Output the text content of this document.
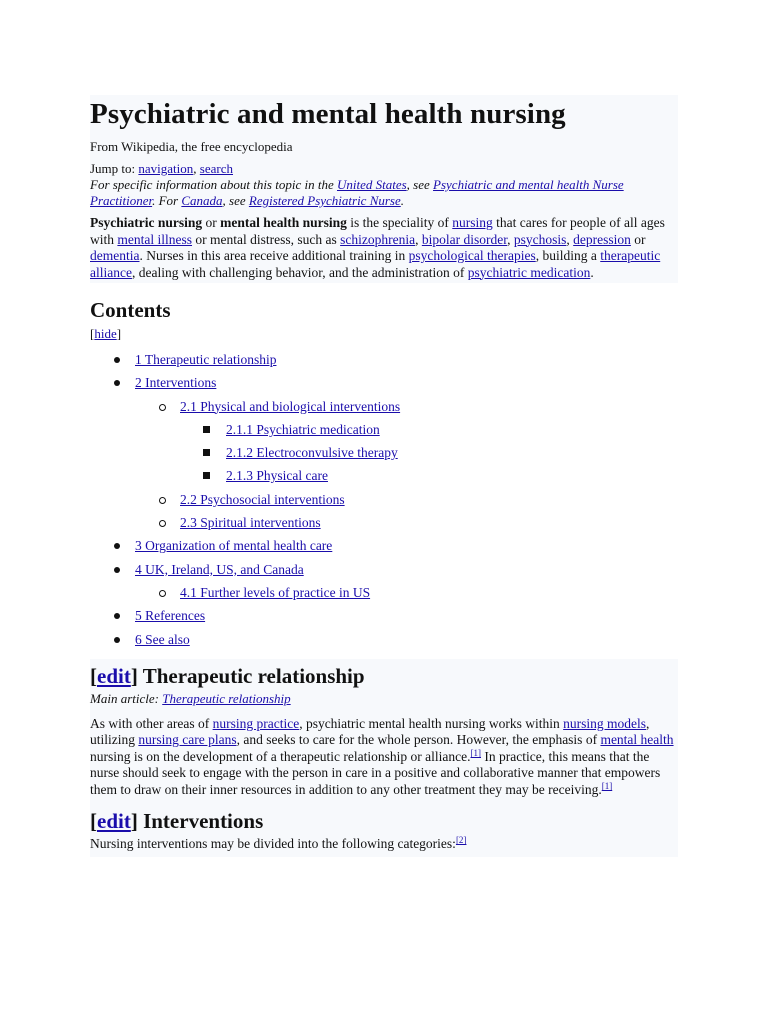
Psychiatric and mental health nursing
From Wikipedia, the free encyclopedia
Jump to: navigation, search
For specific information about this topic in the United States, see Psychiatric and mental health Nurse Practitioner. For Canada, see Registered Psychiatric Nurse.
Psychiatric nursing or mental health nursing is the speciality of nursing that cares for people of all ages with mental illness or mental distress, such as schizophrenia, bipolar disorder, psychosis, depression or dementia. Nurses in this area receive additional training in psychological therapies, building a therapeutic alliance, dealing with challenging behavior, and the administration of psychiatric medication.
Contents
[hide]
1 Therapeutic relationship
2 Interventions
2.1 Physical and biological interventions
2.1.1 Psychiatric medication
2.1.2 Electroconvulsive therapy
2.1.3 Physical care
2.2 Psychosocial interventions
2.3 Spiritual interventions
3 Organization of mental health care
4 UK, Ireland, US, and Canada
4.1 Further levels of practice in US
5 References
6 See also
[edit] Therapeutic relationship
Main article: Therapeutic relationship
As with other areas of nursing practice, psychiatric mental health nursing works within nursing models, utilizing nursing care plans, and seeks to care for the whole person. However, the emphasis of mental health nursing is on the development of a therapeutic relationship or alliance.[1] In practice, this means that the nurse should seek to engage with the person in care in a positive and collaborative manner that empowers them to draw on their inner resources in addition to any other treatment they may be receiving.[1]
[edit] Interventions
Nursing interventions may be divided into the following categories:[2]
